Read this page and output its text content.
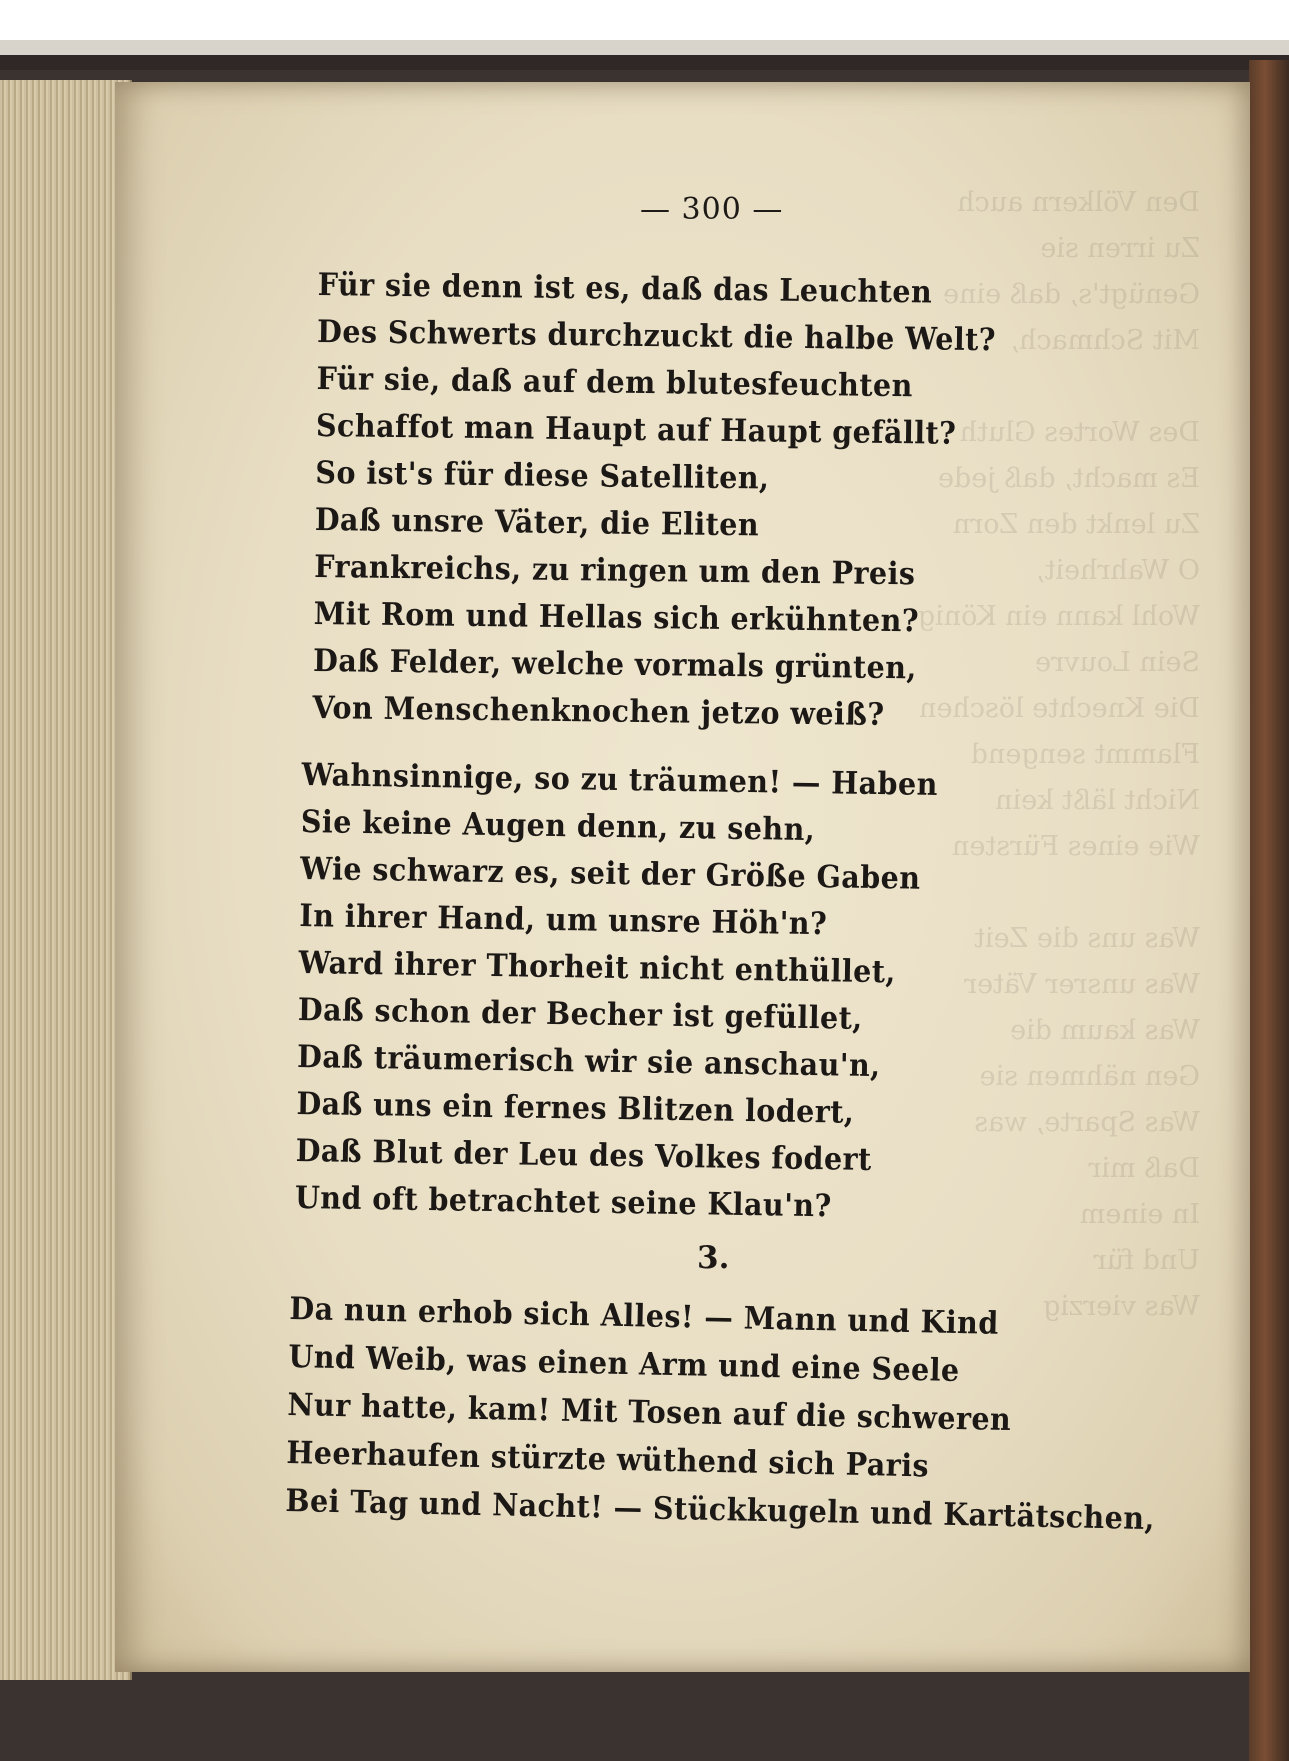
— 300 —
Für sie denn ist es, daß das Leuchten
Des Schwerts durchzuckt die halbe Welt?
Für sie, daß auf dem blutesfeuchten
Schaffot man Haupt auf Haupt gefällt?
So ist's für diese Satelliten,
Daß unsre Väter, die Eliten
Frankreichs, zu ringen um den Preis
Mit Rom und Hellas sich erkühnten?
Daß Felder, welche vormals grünten,
Von Menschenknochen jetzo weiß?
Wahnsinnige, so zu träumen! — Haben
Sie keine Augen denn, zu sehn,
Wie schwarz es, seit der Größe Gaben
In ihrer Hand, um unsre Höh'n?
Ward ihrer Thorheit nicht enthüllet,
Daß schon der Becher ist gefüllet,
Daß träumerisch wir sie anschau'n,
Daß uns ein fernes Blitzen lodert,
Daß Blut der Leu des Volkes fodert
Und oft betrachtet seine Klau'n?
3.
Da nun erhob sich Alles! — Mann und Kind
Und Weib, was einen Arm und eine Seele
Nur hatte, kam! Mit Tosen auf die schweren
Heerhaufen stürzte wüthend sich Paris
Bei Tag und Nacht! — Stückkugeln und Kartätschen,
